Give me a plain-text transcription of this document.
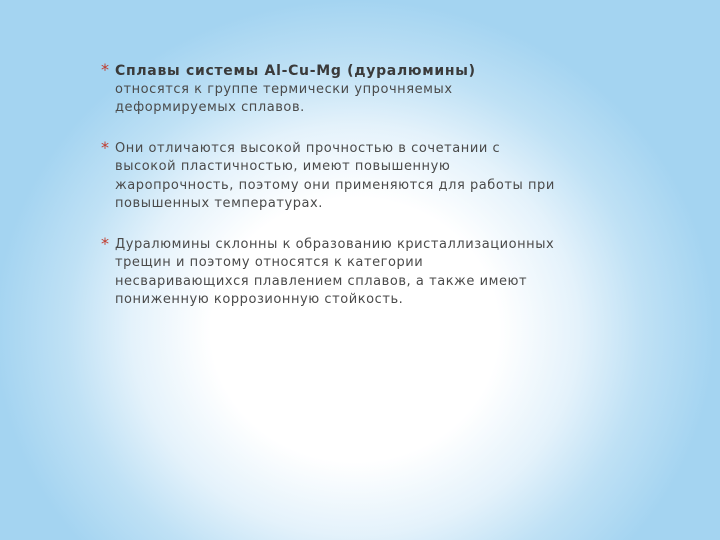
* Сплавы системы Al-Cu-Mg (дуралюмины)
относятся к группе термически упрочняемых
деформируемых сплавов.
* Они отличаются высокой прочностью в сочетании с
высокой пластичностью, имеют повышенную
жаропрочность, поэтому они применяются для работы при
повышенных температурах.
* Дуралюмины склонны к образованию кристаллизационных
трещин и поэтому относятся к категории
несваривающихся плавлением сплавов, а также имеют
пониженную коррозионную стойкость.
